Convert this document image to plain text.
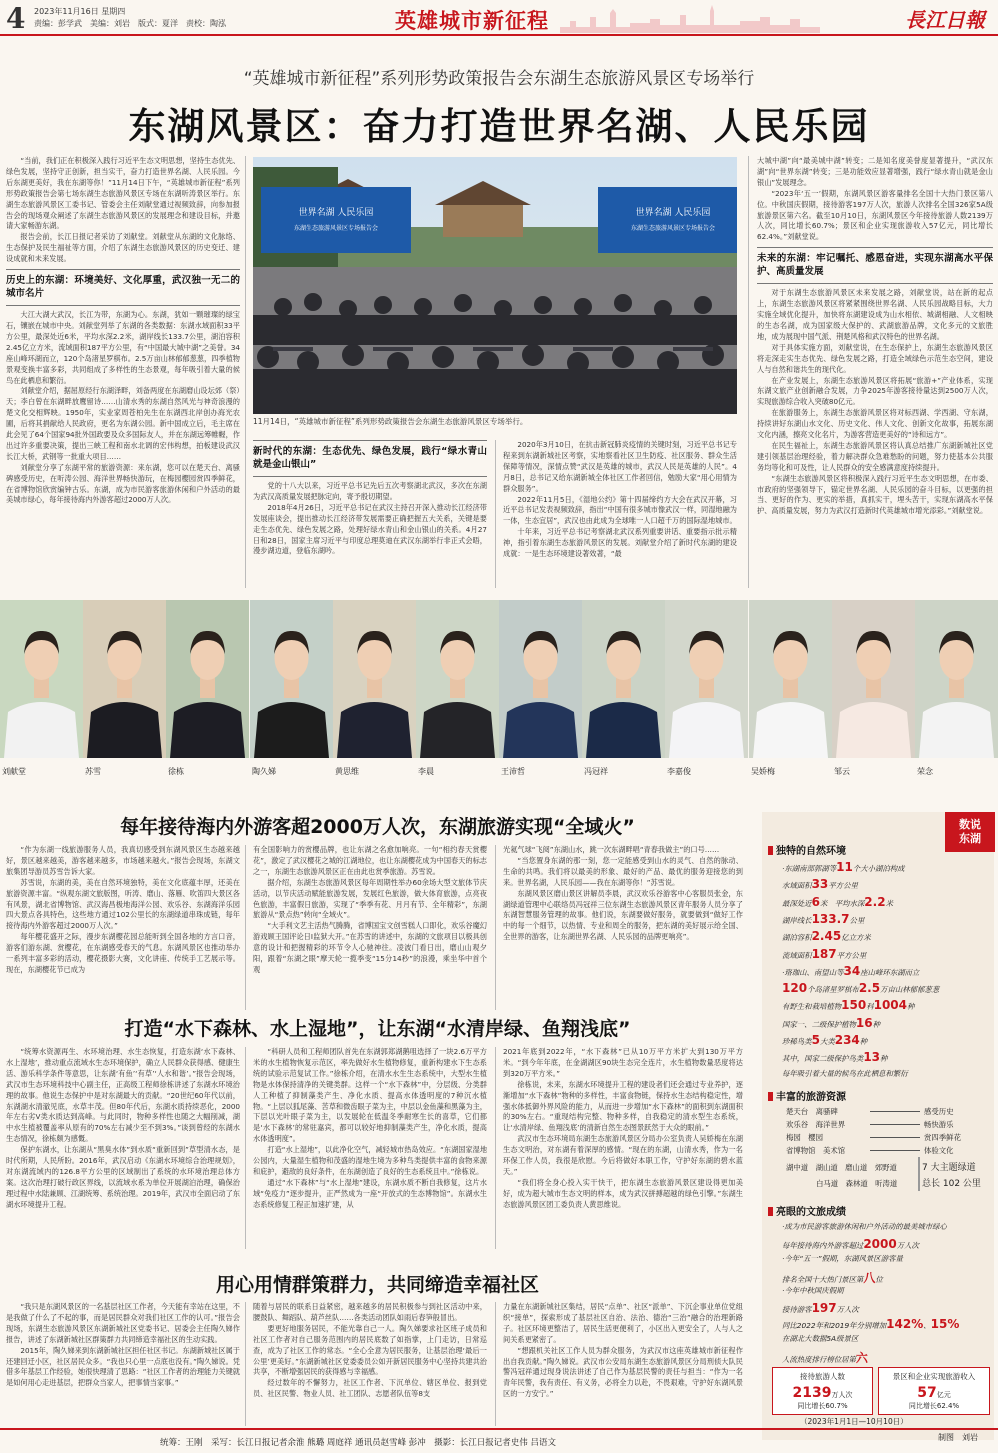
4 2023年11月16日 星期四
责编：彭学武　美编：刘岩　版式：夏洋　责校：陶泓	英雄城市新征程	長江日報
“英雄城市新征程”系列形势政策报告会东湖生态旅游风景区专场举行
东湖风景区：奋力打造世界名湖、人民乐园

“当前，我们正在积极深入践行习近平生态文明思想，坚持生态优先、绿色发展，坚持守正创新，担当实干，奋力打造世界名湖、人民乐园。今后东湖更美好，我在东湖等你！”11月14日下午，“英雄城市新征程”系列形势政策报告会第七场东湖生态旅游风景区专场在东湖听涛景区举行。东湖生态旅游风景区工委书记、管委会主任刘献堂通过视频致辞，向参加报告会的现场观众阐述了东湖生态旅游风景区的发展理念和建设目标，并邀请大家畅游东湖。

报告会前，长江日报记者采访了刘献堂。刘献堂从东湖的文化脉络、生态保护及民生福祉等方面，介绍了东湖生态旅游风景区的历史变迁、建设成就和未来发展。

历史上的东湖：环境美好、文化厚重，武汉独一无二的城市名片

大江大湖大武汉，长江为带，东湖为心。东湖，犹如一颗璀璨的绿宝石，镶嵌在城市中央。刘献堂列举了东湖的各类数据：东湖水域面积33平方公里，最深处近6米，平均水深2.2米，湖岸线长133.7公里，湖泊容积2.45亿立方米，流域面积187平方公里，有“中国最大城中湖”之美誉。34座山峰环湖而立，120个岛渚星罗棋布。2.5万亩山林郁郁葱葱，四季植物景观变换丰富多彩，共同组成了多样性的生态景观，每年吸引着大量的候鸟在此栖息和繁衍。

刘献堂介绍，据屈原经行东湖泽畔，刘备两度在东湖磨山设坛郊（祭）天；李白曾在东湖畔放鹰留诗……山清水秀的东湖自然风光与神奇浪漫的楚文化交相辉映。1950年，实业家周苍柏先生在东湖西北岸创办海光农圃，后将其捐献给人民政府，更名为东湖公园。新中国成立后，毛主席在此会见了64个国家94批外国政要及众多国际友人，并在东湖远筹帷幄，作出过许多重要决策，提出三峡工程和南水北调的宏伟构想，拍板建设武汉长江大桥，武钢等一批重大项目……

刘献堂分享了东湖平常的旅游资源：来东湖，您可以在楚天台、离骚碑感受历史，在听涛公园、海洋世界畅快游玩，在梅园樱园赏四季鲜花，在省博物馆欣赏编钟古乐。东湖，成为市民游客旅游休闲和户外活动的最美城市绿心，每年接待海内外游客超过2000万人次。

世界名湖 人民乐园
东湖生态旅游风景区专场报告会
世界名湖 人民乐园
东湖生态旅游风景区专场报告会
11月14日，“英雄城市新征程”系列形势政策报告会东湖生态旅游风景区专场举行。
新时代的东湖：生态优先、绿色发展，践行“绿水青山就是金山银山”

党的十八大以来，习近平总书记先后五次考察湖北武汉，多次在东湖为武汉高质量发展把脉定向，寄予殷切期望。

2018年4月26日，习近平总书记在武汉主持召开深入推动长江经济带发展座谈会，提出推动长江经济带发展需要正确把握五大关系，关键是要走生态优先、绿色发展之路，处理好绿水青山和金山银山的关系。4月27日和28日，国家主席习近平与印度总理莫迪在武汉东湖举行非正式会晤，漫步湖边道，登临东湖吟。

2020年3月10日，在抗击新冠肺炎疫情的关键时刻，习近平总书记专程来到东湖新城社区考察，实地察看社区卫生防疫、社区服务、群众生活保障等情况，深情点赞“武汉是英雄的城市，武汉人民是英雄的人民”。4月8日，总书记又给东湖新城全体社区工作者回信，勉励大家“用心用情为群众服务”。

2022年11月5日，《湿地公约》第十四届缔约方大会在武汉开幕，习近平总书记发表视频致辞，指出“中国有很多城市像武汉一样，同湿地融为一体，生态宜居”，武汉也由此成为全球唯一人口超千万的国际湿地城市。

十年来，习近平总书记考察湖北武汉系列重要讲话、重要指示批示精神，指引着东湖生态旅游风景区的发展。刘献堂介绍了新时代东湖的建设成就：一是生态环境建设著效著，“最

大城中湖”向“最美城中湖”转变；二是知名度美誉度显著提升，“武汉东湖”向“世界东湖”转变；三是功能效应显著增强，践行“绿水青山就是金山银山”发展理念。

“2023年‘五一’假期，东湖风景区游客量排名全国十大热门景区第八位。中秋国庆假期，接待游客197万人次，旅游人次排名全国326家5A级旅游景区第六名。截至10月10日，东湖风景区今年接待旅游人数2139万人次，同比增长60.7%；景区和企业实现旅游收入57亿元，同比增长62.4%。”刘献堂说。

未来的东湖：牢记嘱托、感恩奋进，实现东湖高水平保护、高质量发展

对于东湖生态旅游风景区未来发展之路，刘献堂说，站在新的起点上，东湖生态旅游风景区将紧紧围绕世界名湖、人民乐园战略目标，大力实施全域优化提升，加快将东湖建设成为山水相依、城湖相融、人文相映的生态名湖，成为国家级大保护的、武湖旅游品牌，文化多元的文旅胜地，成为展现中国气派、荆楚风格和武汉特色的世界名湖。

对于具体实施方面，刘献堂说，在生态保护上，东湖生态旅游风景区将走深走实生态优先、绿色发展之路，打造全域绿色示范生态空间，建设人与自然和谐共生的现代化。

在产业发展上，东湖生态旅游风景区将拓展“旅游+”产业体系，实现东湖文旅产业创新融合发展，力争2025年游客接待量达到2500万人次，实现旅游综合收入突破80亿元。

在旅游服务上，东湖生态旅游风景区将对标西湖、学西湖、守东湖，持续讲好东湖山水文化、历史文化、伟人文化、创新文化故事，拓展东湖文化内涵，擦亮文化名片，为游客营造更美好的“诗和远方”。

在民生福祉上，东湖生态旅游风景区将认真总结推广东湖新城社区党建引领基层治理经验，着力解决群众急难愁盼的问题，努力使基本公共服务均等化和可及性，让人民群众的安全感满意度持续提升。

“东湖生态旅游风景区将积极深入践行习近平生态文明思想，在市委、市政府的坚强领导下，锚定世界名湖、人民乐园的奋斗目标，以更强的担当、更好的作为、更实的举措，真抓实干，埋头苦干，实现东湖高水平保护、高质量发展，努力为武汉打造新时代英雄城市增光添彩。”刘献堂说。

刘献堂	苏雪	徐栋	陶久娣	黄思维	李晨	王沛哲	冯冠祥	李嘉俊	吴娇梅	邹云	荣念
每年接待海内外游客超2000万人次，东湖旅游实现“全域火”

“作为东湖一线旅游服务人员，我真切感受到东湖风景区生态越来越好，景区越来越美，游客越来越多，市场越来越火。”报告会现场，东湖文旅集团导游员苏雪告诉大家。

苏雪说，东湖的美，美在自然环境独特，美在文化底蕴丰厚，还美在旅游资源丰富。“纵观东湖文旅版图，听涛、磨山、落雁、吹笛四大景区各有风景，湖北省博物馆、武汉海昌极地海洋公园、欢乐谷、东湖海洋乐园四大景点各具特色，这些地方通过102公里长的东湖绿道串珠成链，每年接待海内外游客超过2000万人次。”

每年樱花盛开之际，漫步东湖樱花园总能听到全国各地的方言口音，游客们游东湖、赏樱花，在东湖感受春天的气息。东湖风景区也推动举办一系列丰富多彩的活动，樱花摄影大赛，文化讲座、传统手工艺展示等。现在，东湖樱花节已成为

有全国影响力的赏樱品牌，也让东湖之名愈加响亮。一句“相约春天赏樱花”，激定了武汉樱花之城的江湖地位，也让东湖樱花成为中国春天的标志之一，东湖生态旅游风景区正在由此也赏季旅游。苏雪说。

据介绍，东湖生态旅游风景区每年周期性举办60余场大型文旅体节庆活动，以节庆活动赋能旅游发展，发展红色旅游，做大体育旅游，点亮夜色旅游，丰富假日旅游，实现了“季季有花、月月有节、全年精彩”，东湖旅游从“景点热”转向“全域火”。

“大手利文艺主活热气腾腾，省博国宝文创雪糕人口即化，欢乐谷魔幻游戏顾王国评论日Ⅰ监狱大开。”在苏雪的讲述中，东湖的文旅项目以极具创意的设计和把握精彩的环节令人心驰神往。凌波门看日出，磨山山观夕阳，跟着“东湖之眼”摩天轮一揽季变“15分14秒”的浪漫，乘坐华中首个观

光氦气球“飞阅”东湖山水，跳一次东湖畔唱“青春我做主”的口号……

“当您置身东湖的那一刻，您一定能感受到山水的灵气、自然的脉动、生命的共鸣。我们将以最美的形象、最好的产品、最优的服务迎接您的到来。世界名湖，人民乐园——我在东湖等你！”苏雪说。

东湖风景区磨山景区讲解员李晨，武汉欢乐谷游客中心客服员张金，东湖绿道管理中心联络员冯冠祥三位东湖生态旅游风景区青年服务人员分享了东湖智慧服务管理的故事。他们说，东湖要做好服务，就要做到“做好工作中的每一个细节，以热情、专业和周全的服务，把东湖的美好展示给全国、全世界的游客，让东湖世界名湖、人民乐园的品牌更响亮”。

打造“水下森林、水上湿地”，让东湖“水清岸绿、鱼翔浅底”

“统筹水资源再生、水环境治理、水生态恢复，打造东湖‘水下森林、水上湿地’，推动重点流域水生态环境保护，确立人民群众获得感、健康生活、游乐科学条件等意思，让东湖‘有鱼’‘有草’‘人水和谐’。”报告会现场，武汉市生态环境科技中心副主任，正高级工程师徐栋讲述了东湖水环境治理的故事。他说生态保护中是对东湖最大的贡献。“20世纪60年代以前，东湖湖水清澈见底，水草丰茂。但80年代后，东湖水质持续恶化，2000年左右劣V类水质达到高峰。与此同时，物种多样性也随之大幅削减，湖中水生植被覆盖率从原有的70%左右减少至不到3%。”谈到曾经的东湖水生态情况，徐栋颇为感慨。

保护东湖水，让东湖从“黑臭水体”到水质“重新回到”草型清水态，是时代所期，人民所盼。2016年，武汉启动《东湖水环境综合治理规划》，对东湖流域内的126.8平方公里的区域制出了系统的水环境治理总体方案。这次治理打破行政区界线，以流域水系为单位开展湖泊治理，确保治理过程中水陆兼顾、江湖统筹、系统治理。2019年，武汉市全面启动了东湖水环境提升工程。

“科研人员和工程师团队首先在东湖郭郑湖鹅咀选择了一块2.6万平方米的水生植物恢复示范区，率先做好水生植物修复，重新构建水下生态系统的试验示范复试工作。”徐栋介绍，在清水水生生态系统中，大型水生植物是水体保持清净的关键类群。这样一个“水下森林”中，分层级、分类群人工种植了抑制藻类产生、净化水质、提高水体透明度的7种沉水植物。“上层以狐尾藻、苦草和微齿眼子菜为主，中层以金鱼藻和黑藻为主，下层以光叶眼子菜为主，以发展轮在低温冬季耐寒生长的喜草，它们都是‘水下森林’的常驻嘉宾，都可以较好地抑制藻类产生，净化水质，提高水体透明度”。

打造“水上湿地”，以此净化空气，减轻城市热岛效应。“东湖国家湿地公园内，大量湿生植物和茂盛的湿地生境为多种鸟类提供丰富的食物来源和庇护，避敌的良好条件，在东湖创造了良好的生态系统且中。”徐栋说。

通过“水下森林”与“水上湿地”建设，东湖水质不断自我修复，这片水域“免疫力”逐步提升，正严然成为一座“开放式的生态博物馆”。东湖水生态系统修复工程正加速扩建，从

2021年底到2022年，“水下森林”已从10万平方米扩大到130万平方米。“到今年年底，在金湖湖区90块生态完全连片，水生植物数量恶度将达到320万平方米。”

徐栋说，未来，东湖水环境提升工程的建设者们还会通过专业养护，逐渐增加“水下森林”物种的多样性，丰富食物链，保持水生态结构稳定性，增强水体抵御外界风险的能力，从而进一步增加“水下森林”的面积到东湖面积的30%左右。“重现结构完整、物种多样，自我稳定的清水型生态系统，让‘水清岸绿、鱼翔浅底’的清新自然生态图景跃然于大众的眼前。”

武汉市生态环境局东湖生态旅游风景区分局办公室负责人吴娇梅在东湖生态文明治，对东湖有着深厚的感情。“现在的东湖，山清水秀，作为一名环保工作人员，我很是欣慰。今后将做好本职工作，守护好东湖的碧水蓝天。”

“我们将全身心投入实干快干，把东湖生态旅游风景区建设得更加美好，成为超大城市生态文明的样本，成为武汉拼搏超越的绿色引擎。”东湖生态旅游风景区团工委负责人黄思维说。

用心用情群策群力，共同缔造幸福社区

“我只是东湖风景区的一名基层社区工作者，今天能有幸站在这里，不是我做了什么了不起的事，而是居民群众对我们社区工作的认可。”报告会现场，东湖生态旅游风景区东湖新城社区党委书记、居委会主任陶久娣作报告，讲述了东湖新城社区群策群力共同缔造幸福社区的生动实践。

2015年，陶久娣来到东湖新城社区担任社区书记。东湖新城社区属于还建回迁小区，社区居民众多。“我也只心里一点底也没有。”陶久娣说。凭借多年基层工作经验，她很快理清了思路：“社区工作者的治理能力关键就是如何用心走进基层，把群众当家人，把事情当家事。”

随着与居民的联系日益紧密，越来越多的居民积极参与到社区活动中来，腰鼓队、舞蹈队、葫芦丝队……各类活动团队如雨后春笋般冒出。

要更好地服务居民，不能光靠自己一人。陶久娣要求社区班子成员和社区工作者对自己服务范围内的居民底数了如指掌，上门走访，日常巡查，成为了社区工作的常态。“全心全意为居民服务，让基层治理‘最后一公里’更美好。”东湖新城社区党委委员公如开新居民服务中心坚持共建共治共享，不断增强居民的获得感与幸福感。

经过数年的不懈努力，社区工作者、下沉单位、辖区单位、报到党员、社区民警、物业人员、社工团队、志愿者队伍等8支

力量在东湖新城社区集结，居民“点单”、社区“派单”、下沉企事业单位党组织“接单”，探索形成了基层社区自治、法治、德治“三治”融合的治理新路子。社区环境更整洁了，居民生活更便利了，小区出入更安全了，人与人之间关系更紧密了。

“想跟机关社区工作人员为群众服务，为武汉市这座英雄城市新征程作出自我贡献。”陶久娣说。武汉市公安局东湖生态旅游风景区分局刑侦大队民警冯冠祥通过现身说法讲述了自己作为基层民警的责任与担当：“作为一名青年民警，我有责任、有义务，必将全力以赴，不畏艰难，守护好东湖风景区的一方安宁。”

数说
东湖
独特的自然环境
·东湖南部郭湖等11个大小湖泊构成
水域面积33平方公里
最深处近6米　平均水深2.2米
湖岸线长133.7公里
湖泊容积2.45亿立方米
流域面积187平方公里
·珞珈山、南望山等34座山峰环东湖而立
120个岛渚星罗棋布2.5万亩山林郁郁葱葱
有野生和栽培植物150科1004种
国家一、二级保护植物16种
珍稀鸟类5大类234种
其中，国家二级保护鸟类13种
每年吸引着大量的候鸟在此栖息和繁衍
丰富的旅游资源
楚天台　离骚碑	感受历史
欢乐谷　海洋世界	畅快游乐
梅园　樱园	赏四季鲜花
省博物馆　美术馆	体验文化
湖中道　湖山道　磨山道　郊野道
白马道　森林道　听涛道
7 大主题绿道
总长 102 公里
亮眼的文旅成绩
·成为市民游客旅游休闲和户外活动的最美城市绿心
每年接待海内外游客超过2000万人次
·今年“五一”假期，东湖风景区游客量
排名全国十大热门景区第八位
·今年中秋国庆假期
接待游客197万人次
同比2022年和2019年分别增加142%、15%
在湖北大数据5A级景区
人流热度排行榜位居第六
接待旅游人数
2139万人次
同比增长60.7%
景区和企业实现旅游收入
57亿元
同比增长62.4%
（2023年1月1日—10月10日）
制图　刘岩
统筹：王刚　采写：长江日报记者余淮 熊璐 周庭祥 通讯员赵雪峰 彭冲　摄影：长江日报记者史伟 吕语文
